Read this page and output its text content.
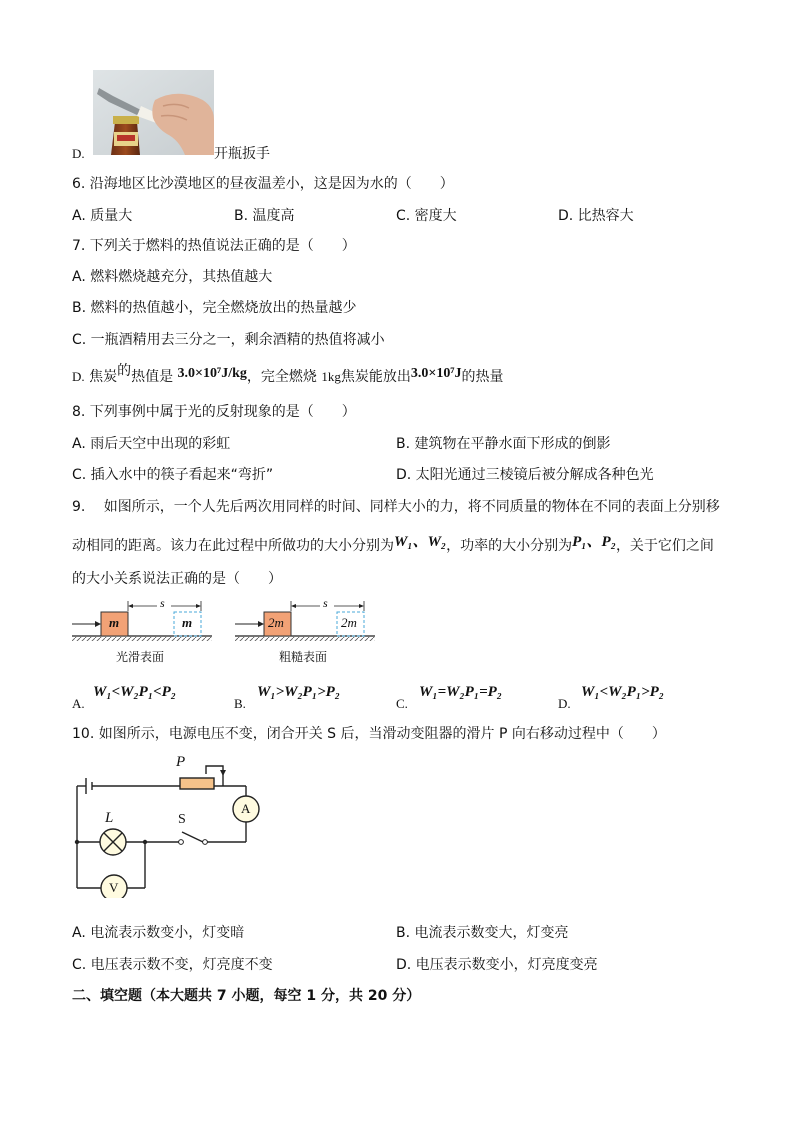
D.	开瓶扳手
6. 沿海地区比沙漠地区的昼夜温差小，这是因为水的（　　）
A. 质量大	B. 温度高	C. 密度大	D. 比热容大
7. 下列关于燃料的热值说法正确的是（　　）
A. 燃料燃烧越充分，其热值越大
B. 燃料的热值越小，完全燃烧放出的热量越少
C. 一瓶酒精用去三分之一，剩余酒精的热值将减小
D. 焦炭的热值是 3.0×10⁷J/kg，完全燃烧 1kg焦炭能放出3.0×10⁷J的热量
8. 下列事例中属于光的反射现象的是（　　）
A. 雨后天空中出现的彩虹	B. 建筑物在平静水面下形成的倒影
C. 插入水中的筷子看起来“弯折”	D. 太阳光通过三棱镜后被分解成各种色光
9.　 如图所示，一个人先后两次用同样的时间、同样大小的力，将不同质量的物体在不同的表面上分别移
动相同的距离。该力在此过程中所做功的大小分别为W₁、W₂，功率的大小分别为P₁、P₂，关于它们之间
的大小关系说法正确的是（　　）
m	m
s
光滑表面
2m	2m
s
粗糙表面
A.
W₁<W₂P₁<P₂
B.
W₁>W₂P₁>P₂
C.
W₁=W₂P₁=P₂
D.
W₁<W₂P₁>P₂
10. 如图所示，电源电压不变，闭合开关 S 后，当滑动变阻器的滑片 P 向右移动过程中（　　）
P
L	S
A
V
A. 电流表示数变小，灯变暗	B. 电流表示数变大，灯变亮
C. 电压表示数不变，灯亮度不变	D. 电压表示数变小，灯亮度变亮
二、填空题（本大题共 7 小题，每空 1 分，共 20 分）
